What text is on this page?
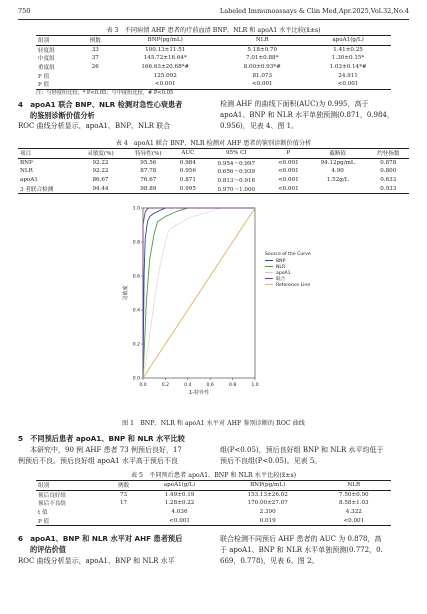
750	Labeled Immunoassays & Clin Med,Apr.2025,Vol.32,No.4
表 3　不同病情 AHF 患者的疗前血清 BNP、NLR 和 apoA1 水平比较(x̄±s)
组别	例数	BNP(pg/mL)	NLR	apoA1(g/L)
轻度组	33	100.13±11.51	5.18±0.70	1.41±0.25
中度组	37	145.72±16.64*	7.01±0.88*	1.30±0.15*
重度组	26	166.63±20.68*#	8.00±0.93*#	1.03±0.14*#
F 值		125.092	81.073	24.911
P 值		<0.001	<0.001	<0.001
注：与轻度组比较，* P<0.05；与中度组比较，# P<0.05
4　apoA1 联合 BNP、NLR 检测对急性心衰患者
的鉴别诊断价值分析
ROC 曲线分析显示，apoA1、BNP、NLR 联合
检测 AHF 的曲线下面积(AUC)为 0.995，高于
apoA1、BNP 和 NLR 水平单独预测(0.871，0.984，
0.956)，见表 4、图 1。
表 4　apoA1 联合 BNP、NLR 检测对 AHF 患者的鉴别诊断价值分析
项目	灵敏度(%)	特异性(%)	AUC	95% CI	P	截断值	约登指数
BNP	92.22	95.56	0.984	0.954～0.997	<0.001	94.12pg/mL	0.878
NLR	92.22	87.78	0.956	0.656～0.939	<0.001	4.90	0.800
apoA1	86.67	76.67	0.871	0.813～0.916	<0.001	1.52g/L	0.633
3 者联合检测	94.44	98.89	0.995	0.970～1.000	<0.001		0.933
0.0	0.2	0.4	0.6	0.8	1.0
0.0
0.2
0.4
0.6
0.8
1.0
1-特异性
灵敏度
Source of the Curve
BNP
NLR
apoA1
联合
Reference Line
图 1　BNP、NLR 和 apoA1 水平对 AHF 鉴别诊断的 ROC 曲线
5　不同预后患者 apoA1、BNP 和 NLR 水平比较
本研究中，90 例 AHF 患者 73 例预后良好，17
例预后不良。预后良好组 apoA1 水平高于预后不良
组(P<0.05)，预后良好组 BNP 和 NLR 水平均低于
预后不良组(P<0.05)。见表 5。
表 5　不同预后患者 apoA1、BNP 和 NLR 水平比较(x̄±s)
组别	例数	apoA1(g/L)	BNP(pg/mL)	NLR
预后良好组	73	1.49±0.19	153.13±26.02	7.50±0.90
预后不良组	17	1.28±0.22	170.00±27.07	8.58±1.03
t 值		4.036	2.390	4.322
P 值		<0.001	0.019	<0.001
6　apoA1、BNP 和 NLR 水平对 AHF 患者预后
的评估价值
ROC 曲线分析显示，apoA1、BNP 和 NLR 水平
联合检测不同预后 AHF 患者的 AUC 为 0.878，高
于 apoA1、BNP 和 NLR 水平单独预测(0.772，0.
669，0.778)，见表 6、图 2。
